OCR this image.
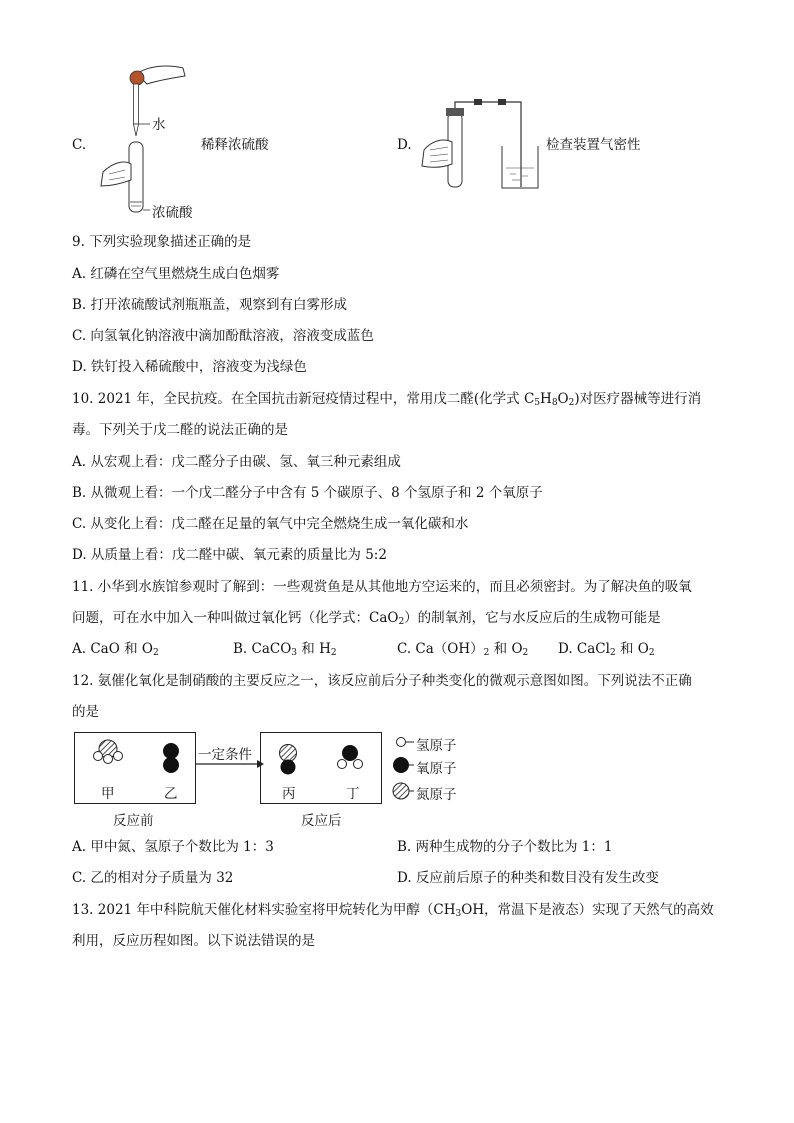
C.
水
稀释浓硫酸
浓硫酸
D.	检查装置气密性
9. 下列实验现象描述正确的是
A. 红磷在空气里燃烧生成白色烟雾
B. 打开浓硫酸试剂瓶瓶盖，观察到有白雾形成
C. 向氢氧化钠溶液中滴加酚酞溶液，溶液变成蓝色
D. 铁钉投入稀硫酸中，溶液变为浅绿色
10. 2021 年，全民抗疫。在全国抗击新冠疫情过程中，常用戊二醛(化学式 $C_5H_8O_2$)对医疗器械等进行消
毒。下列关于戊二醛的说法正确的是
A. 从宏观上看：戊二醛分子由碳、氢、氧三种元素组成
B. 从微观上看：一个戊二醛分子中含有 5 个碳原子、8 个氢原子和 2 个氧原子
C. 从变化上看：戊二醛在足量的氧气中完全燃烧生成一氧化碳和水
D. 从质量上看：戊二醛中碳、氧元素的质量比为 5:2
11. 小华到水族馆参观时了解到：一些观赏鱼是从其他地方空运来的，而且必须密封。为了解决鱼的吸氧
问题，可在水中加入一种叫做过氧化钙（化学式：CaO$_2$）的制氧剂，它与水反应后的生成物可能是
A. CaO 和 $O_2$	B. CaCO$_3$ 和 $H_2$	C. $Ca(OH)_2$ 和 $O_2$ D. CaCl$_2$ 和 $O_2$
12. 氨催化氧化是制硝酸的主要反应之一，该反应前后分子种类变化的微观示意图如图。下列说法不正确
的是
甲	乙	丙	丁
一定条件
反应前	反应后
氢原子
氧原子
氮原子
A. 甲中氮、氢原子个数比为 1：3	B. 两种生成物的分子个数比为 1：1
C. 乙的相对分子质量为 32	D. 反应前后原子的种类和数目没有发生改变
13. 2021 年中科院航天催化材料实验室将甲烷转化为甲醇（$CH_3OH$，常温下是液态）实现了天然气的高效
利用，反应历程如图。以下说法错误的是
